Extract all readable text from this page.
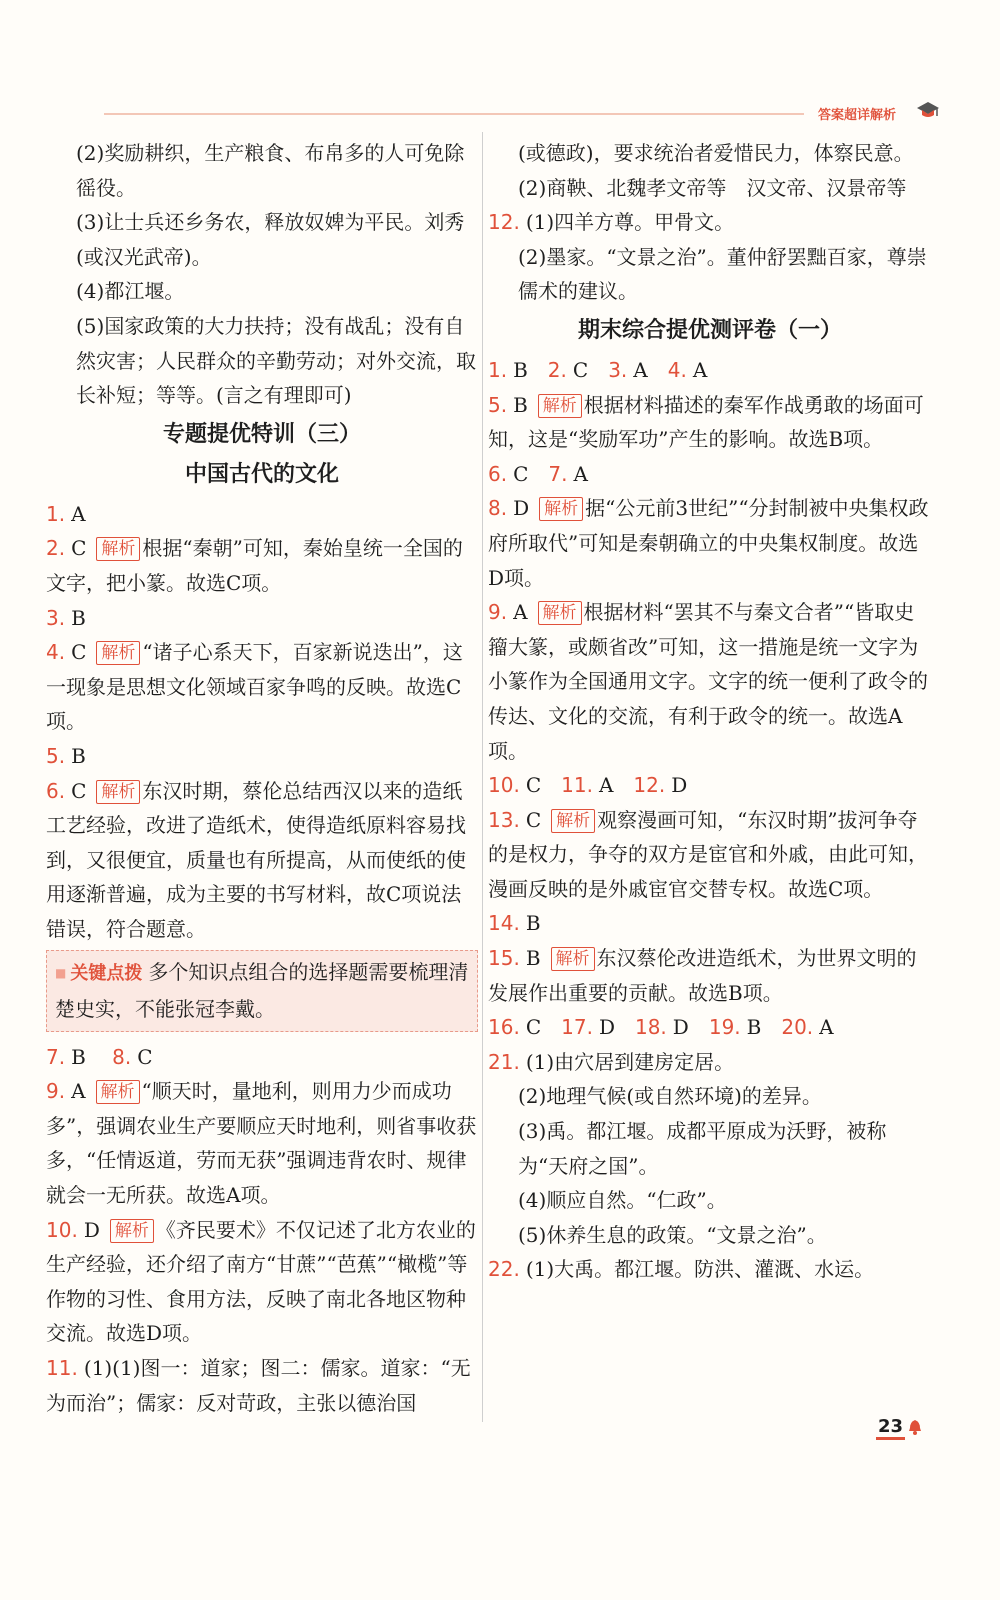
答案超详解析

(2)奖励耕织，生产粮食、布帛多的人可免除徭役。

(3)让士兵还乡务农，释放奴婢为平民。刘秀(或汉光武帝)。

(4)都江堰。

(5)国家政策的大力扶持；没有战乱；没有自然灾害；人民群众的辛勤劳动；对外交流，取长补短；等等。(言之有理即可)

专题提优特训（三）
中国古代的文化

1. A

2. C 解析 根据“秦朝”可知，秦始皇统一全国的文字，把小篆。故选C项。

3. B

4. C 解析 “诸子心系天下，百家新说迭出”，这一现象是思想文化领域百家争鸣的反映。故选C项。

5. B

6. C 解析 东汉时期，蔡伦总结西汉以来的造纸工艺经验，改进了造纸术，使得造纸原料容易找到，又很便宜，质量也有所提高，从而使纸的使用逐渐普遍，成为主要的书写材料，故C项说法错误，符合题意。

■ 关键点拨 多个知识点组合的选择题需要梳理清楚史实，不能张冠李戴。

7. B 8. C

9. A 解析 “顺天时，量地利，则用力少而成功多”，强调农业生产要顺应天时地利，则省事收获多，“任情返道，劳而无获”强调违背农时、规律就会一无所获。故选A项。

10. D 解析 《齐民要术》不仅记述了北方农业的生产经验，还介绍了南方“甘蔗”“芭蕉”“橄榄”等作物的习性、食用方法，反映了南北各地区物种交流。故选D项。

11. (1)(1)图一：道家；图二：儒家。道家：“无为而治”；儒家：反对苛政，主张以德治国

(或德政)，要求统治者爱惜民力，体察民意。

(2)商鞅、北魏孝文帝等　汉文帝、汉景帝等

12. (1)四羊方尊。甲骨文。

(2)墨家。“文景之治”。董仲舒罢黜百家，尊崇儒术的建议。

期末综合提优测评卷（一）

1. B 2. C 3. A 4. A

5. B 解析 根据材料描述的秦军作战勇敢的场面可知，这是“奖励军功”产生的影响。故选B项。

6. C 7. A

8. D 解析 据“公元前3世纪”“分封制被中央集权政府所取代”可知是秦朝确立的中央集权制度。故选D项。

9. A 解析 根据材料“罢其不与秦文合者”“皆取史籀大篆，或颇省改”可知，这一措施是统一文字为小篆作为全国通用文字。文字的统一便利了政令的传达、文化的交流，有利于政令的统一。故选A项。

10. C 11. A 12. D

13. C 解析 观察漫画可知，“东汉时期”拔河争夺的是权力，争夺的双方是宦官和外戚，由此可知，漫画反映的是外戚宦官交替专权。故选C项。

14. B

15. B 解析 东汉蔡伦改进造纸术，为世界文明的发展作出重要的贡献。故选B项。

16. C 17. D 18. D 19. B 20. A

21. (1)由穴居到建房定居。

(2)地理气候(或自然环境)的差异。

(3)禹。都江堰。成都平原成为沃野，被称为“天府之国”。

(4)顺应自然。“仁政”。

(5)休养生息的政策。“文景之治”。

22. (1)大禹。都江堰。防洪、灌溉、水运。

23
